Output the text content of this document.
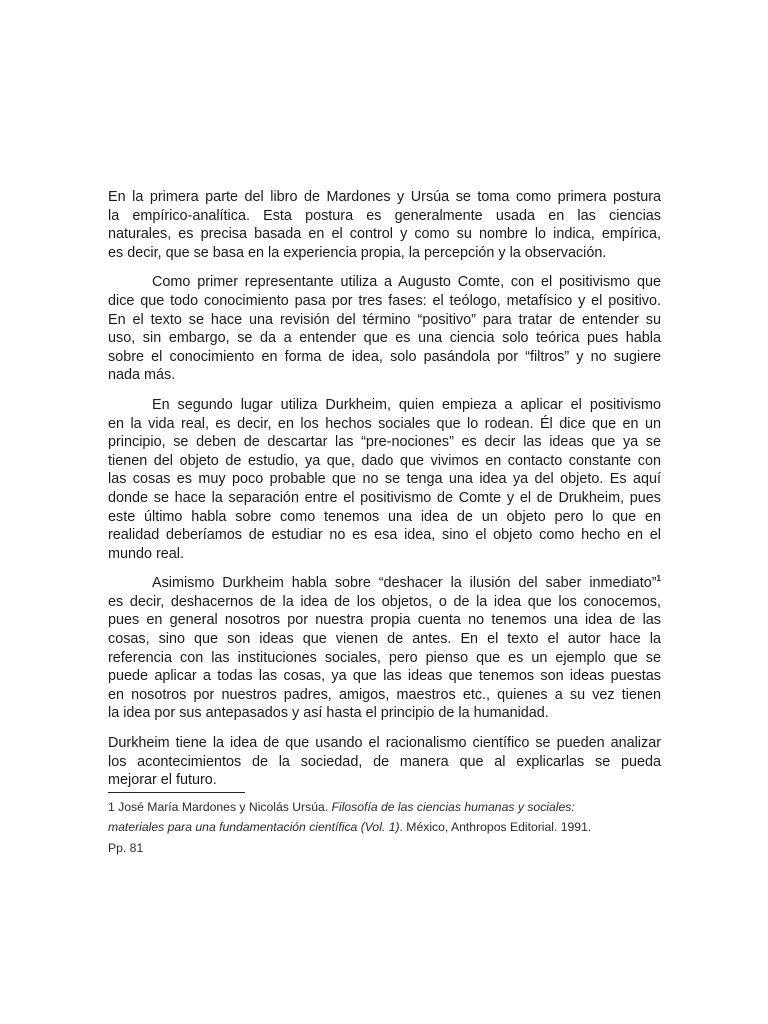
En la primera parte del libro de Mardones y Ursúa se toma como primera postura
la empírico-analítica. Esta postura es generalmente usada en las ciencias
naturales, es precisa basada en el control y como su nombre lo indica, empírica,
es decir, que se basa en la experiencia propia, la percepción y la observación.
Como primer representante utiliza a Augusto Comte, con el positivismo que
dice que todo conocimiento pasa por tres fases: el teólogo, metafísico y el positivo.
En el texto se hace una revisión del término “positivo” para tratar de entender su
uso, sin embargo, se da a entender que es una ciencia solo teórica pues habla
sobre el conocimiento en forma de idea, solo pasándola por “filtros” y no sugiere
nada más.
En segundo lugar utiliza Durkheim, quien empieza a aplicar el positivismo
en la vida real, es decir, en los hechos sociales que lo rodean. Él dice que en un
principio, se deben de descartar las “pre-nociones” es decir las ideas que ya se
tienen del objeto de estudio, ya que, dado que vivimos en contacto constante con
las cosas es muy poco probable que no se tenga una idea ya del objeto. Es aquí
donde se hace la separación entre el positivismo de Comte y el de Drukheim, pues
este último habla sobre como tenemos una idea de un objeto pero lo que en
realidad deberíamos de estudiar no es esa idea, sino el objeto como hecho en el
mundo real.
Asimismo Durkheim habla sobre “deshacer la ilusión del saber inmediato”$^1$
es decir, deshacernos de la idea de los objetos, o de la idea que los conocemos,
pues en general nosotros por nuestra propia cuenta no tenemos una idea de las
cosas, sino que son ideas que vienen de antes. En el texto el autor hace la
referencia con las instituciones sociales, pero pienso que es un ejemplo que se
puede aplicar a todas las cosas, ya que las ideas que tenemos son ideas puestas
en nosotros por nuestros padres, amigos, maestros etc., quienes a su vez tienen
la idea por sus antepasados y así hasta el principio de la humanidad.
Durkheim tiene la idea de que usando el racionalismo científico se pueden analizar
los acontecimientos de la sociedad, de manera que al explicarlas se pueda
mejorar el futuro.
1 José María Mardones y Nicolás Ursúa. Filosofía de las ciencias humanas y sociales:
materiales para una fundamentación científica (Vol. 1). México, Anthropos Editorial. 1991.
Pp. 81
